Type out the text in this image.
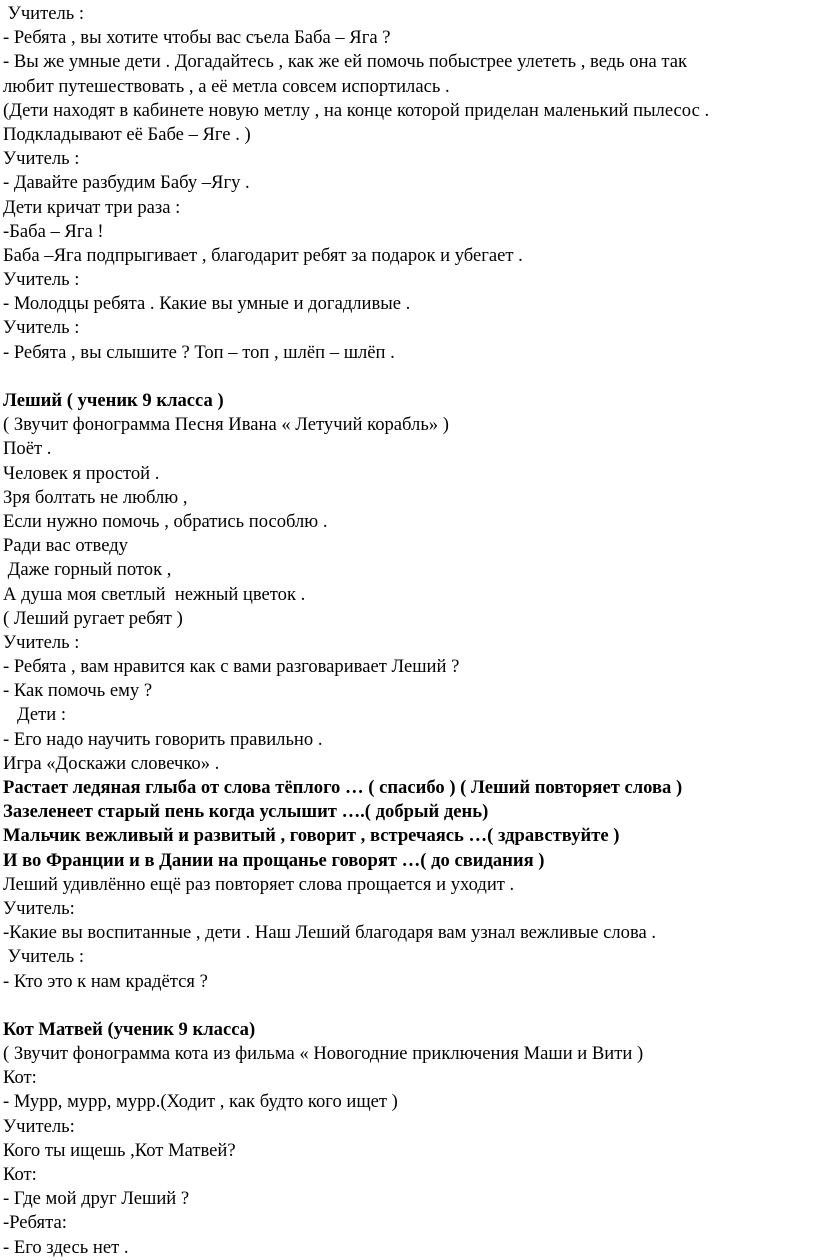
Учитель :

- Ребята , вы хотите чтобы вас съела Баба – Яга ?

- Вы же умные дети . Догадайтесь , как же ей помочь побыстрее улететь , ведь она так

любит путешествовать , а её метла совсем испортилась .

(Дети находят в кабинете новую метлу , на конце которой приделан маленький пылесос .

Подкладывают её Бабе – Яге . )

Учитель :

- Давайте разбудим Бабу –Ягу .

Дети кричат три раза :

-Баба – Яга !

Баба –Яга подпрыгивает , благодарит ребят за подарок и убегает .

Учитель :

- Молодцы ребята . Какие вы умные и догадливые .

Учитель :

- Ребята , вы слышите ? Топ – топ , шлёп – шлёп .

Леший ( ученик 9 класса )

( Звучит фонограмма Песня Ивана « Летучий корабль» )

Поёт .

Человек я простой .

Зря болтать не люблю ,

Если нужно помочь , обратись пособлю .

Ради вас отведу

Даже горный поток ,

А душа моя светлый  нежный цветок .

( Леший ругает ребят )

Учитель :

- Ребята , вам нравится как с вами разговаривает Леший ?

- Как помочь ему ?

Дети :

- Его надо научить говорить правильно .

Игра «Доскажи словечко» .

Растает ледяная глыба от слова тёплого … ( спасибо ) ( Леший повторяет слова )

Зазеленеет старый пень когда услышит ….( добрый день)

Мальчик вежливый и развитый , говорит , встречаясь …( здравствуйте )

И во Франции и в Дании на прощанье говорят …( до свидания )

Леший удивлённо ещё раз повторяет слова прощается и уходит .

Учитель:

-Какие вы воспитанные , дети . Наш Леший благодаря вам узнал вежливые слова .

Учитель :

- Кто это к нам крадётся ?

Кот Матвей (ученик 9 класса)

( Звучит фонограмма кота из фильма « Новогодние приключения Маши и Вити )

Кот:

- Мурр, мурр, мурр.(Ходит , как будто кого ищет )

Учитель:

Кого ты ищешь ,Кот Матвей?

Кот:

- Где мой друг Леший ?

-Ребята:

- Его здесь нет .
